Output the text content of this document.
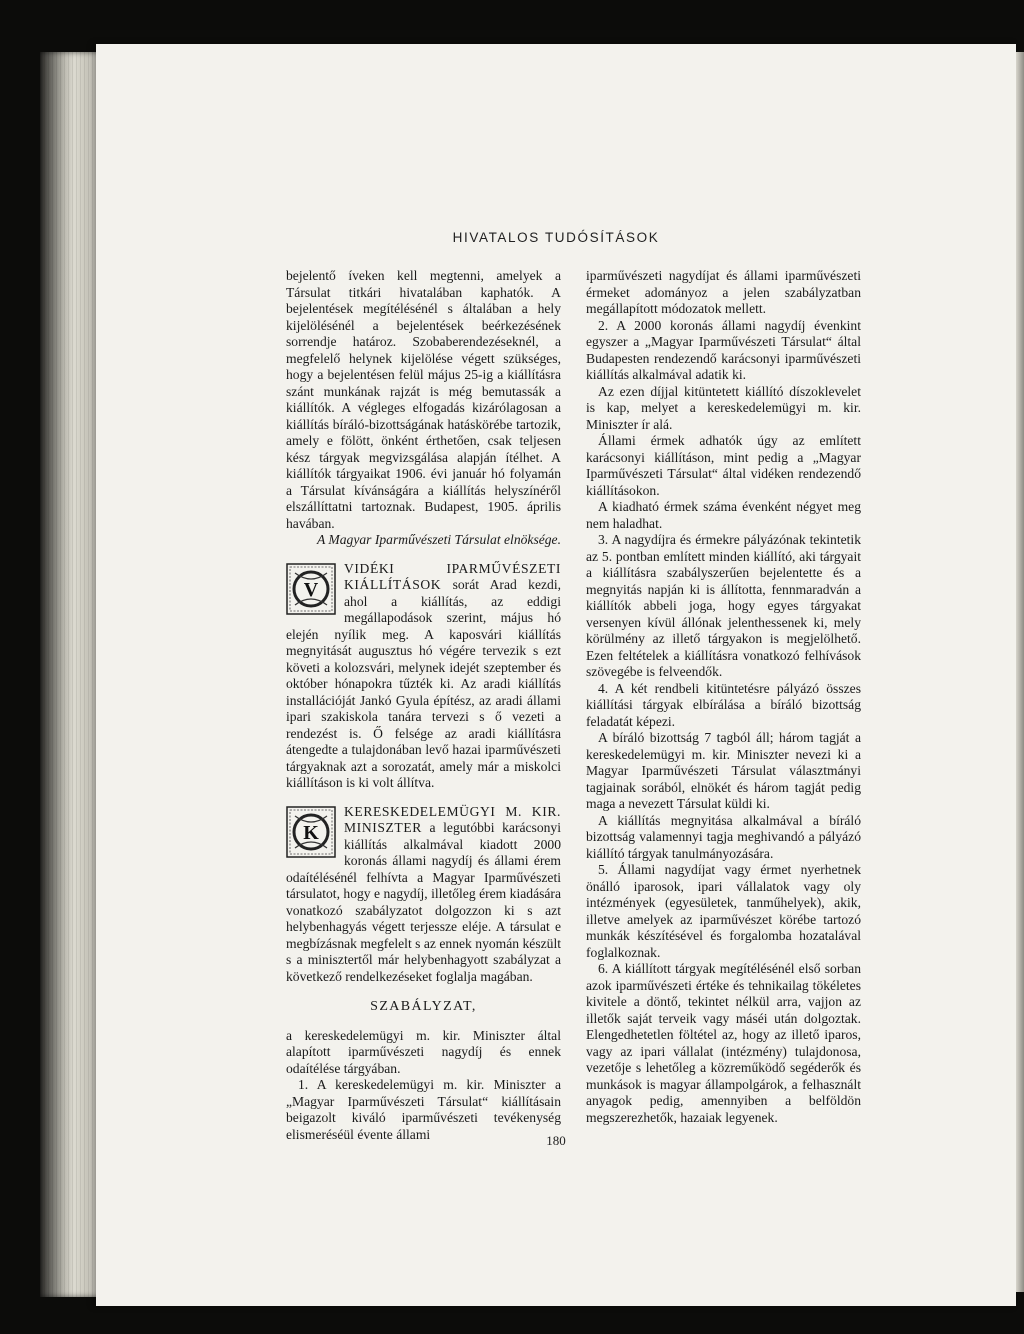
HIVATALOS TUDÓSÍTÁSOK

bejelentő íveken kell megtenni, amelyek a Társulat titkári hivatalában kaphatók. A bejelentések megítélésénél s általában a hely kijelölésénél a bejelentések beérkezésének sorrendje határoz. Szobaberendezéseknél, a megfelelő helynek kijelölése végett szükséges, hogy a bejelentésen felül május 25-ig a kiállításra szánt munkának rajzát is még bemutassák a kiállítók. A végleges elfogadás kizárólagosan a kiállítás bíráló-bizottságának hatáskörébe tartozik, amely e fölött, önként érthetően, csak teljesen kész tárgyak megvizsgálása alapján ítélhet. A kiállítók tárgyaikat 1906. évi január hó folyamán a Társulat kívánságára a kiállítás helyszínéről elszállíttatni tartoznak. Budapest, 1905. április havában.

A Magyar Iparművészeti Társulat elnöksége.

V

VIDÉKI IPARMŰVÉSZETI KIÁLLÍTÁSOK sorát Arad kezdi, ahol a kiállítás, az eddigi megállapodások szerint, május hó elején nyílik meg. A kaposvári kiállítás megnyitását augusztus hó végére tervezik s ezt követi a kolozsvári, melynek idejét szeptember és október hónapokra tűzték ki. Az aradi kiállítás installációját Jankó Gyula építész, az aradi állami ipari szakiskola tanára tervezi s ő vezeti a rendezést is. Ő felsége az aradi kiállításra átengedte a tulajdonában levő hazai iparművészeti tárgyaknak azt a sorozatát, amely már a miskolci kiállításon is ki volt állítva.

K

KERESKEDELEMÜGYI M. KIR. MINISZTER a legutóbbi karácsonyi kiállítás alkalmával kiadott 2000 koronás állami nagydíj és állami érem odaítélésénél felhívta a Magyar Iparművészeti társulatot, hogy e nagydíj, illetőleg érem kiadására vonatkozó szabályzatot dolgozzon ki s azt helybenhagyás végett terjessze eléje. A társulat e megbízásnak megfelelt s az ennek nyomán készült s a minisztertől már helybenhagyott szabályzat a következő rendelkezéseket foglalja magában.

SZABÁLYZAT,

a kereskedelemügyi m. kir. Miniszter által alapított iparművészeti nagydíj és ennek odaítélése tárgyában.

1. A kereskedelemügyi m. kir. Miniszter a „Magyar Iparművészeti Társulat“ kiállításain beigazolt kiváló iparművészeti tevékenység elismeréséül évente állami

iparművészeti nagydíjat és állami iparművészeti érmeket adományoz a jelen szabályzatban megállapított módozatok mellett.

2. A 2000 koronás állami nagydíj évenkint egyszer a „Magyar Iparművészeti Társulat“ által Budapesten rendezendő karácsonyi iparművészeti kiállítás alkalmával adatik ki.

Az ezen díjjal kitüntetett kiállító díszoklevelet is kap, melyet a kereskedelemügyi m. kir. Miniszter ír alá.

Állami érmek adhatók úgy az említett karácsonyi kiállításon, mint pedig a „Magyar Iparművészeti Társulat“ által vidéken rendezendő kiállításokon.

A kiadható érmek száma évenként négyet meg nem haladhat.

3. A nagydíjra és érmekre pályázónak tekintetik az 5. pontban említett minden kiállító, aki tárgyait a kiállításra szabályszerűen bejelentette és a megnyitás napján ki is állította, fennmaradván a kiállítók abbeli joga, hogy egyes tárgyakat versenyen kívül állónak jelenthessenek ki, mely körülmény az illető tárgyakon is megjelölhető. Ezen feltételek a kiállításra vonatkozó felhívások szövegébe is felveendők.

4. A két rendbeli kitüntetésre pályázó összes kiállítási tárgyak elbírálása a bíráló bizottság feladatát képezi.

A bíráló bizottság 7 tagból áll; három tagját a kereskedelemügyi m. kir. Miniszter nevezi ki a Magyar Iparművészeti Társulat választmányi tagjainak sorából, elnökét és három tagját pedig maga a nevezett Társulat küldi ki.

A kiállítás megnyitása alkalmával a bíráló bizottság valamennyi tagja meghivandó a pályázó kiállító tárgyak tanulmányozására.

5. Állami nagydíjat vagy érmet nyerhetnek önálló iparosok, ipari vállalatok vagy oly intézmények (egyesületek, tanműhelyek), akik, illetve amelyek az iparművészet körébe tartozó munkák készítésével és forgalomba hozatalával foglalkoznak.

6. A kiállított tárgyak megítélésénél első sorban azok iparművészeti értéke és tehnikailag tökéletes kivitele a döntő, tekintet nélkül arra, vajjon az illetők saját terveik vagy máséi után dolgoztak. Elengedhetetlen föltétel az, hogy az illető iparos, vagy az ipari vállalat (intézmény) tulajdonosa, vezetője s lehetőleg a közreműködő segéderők és munkások is magyar állampolgárok, a felhasznált anyagok pedig, amennyiben a belföldön megszerezhetők, hazaiak legyenek.

180
